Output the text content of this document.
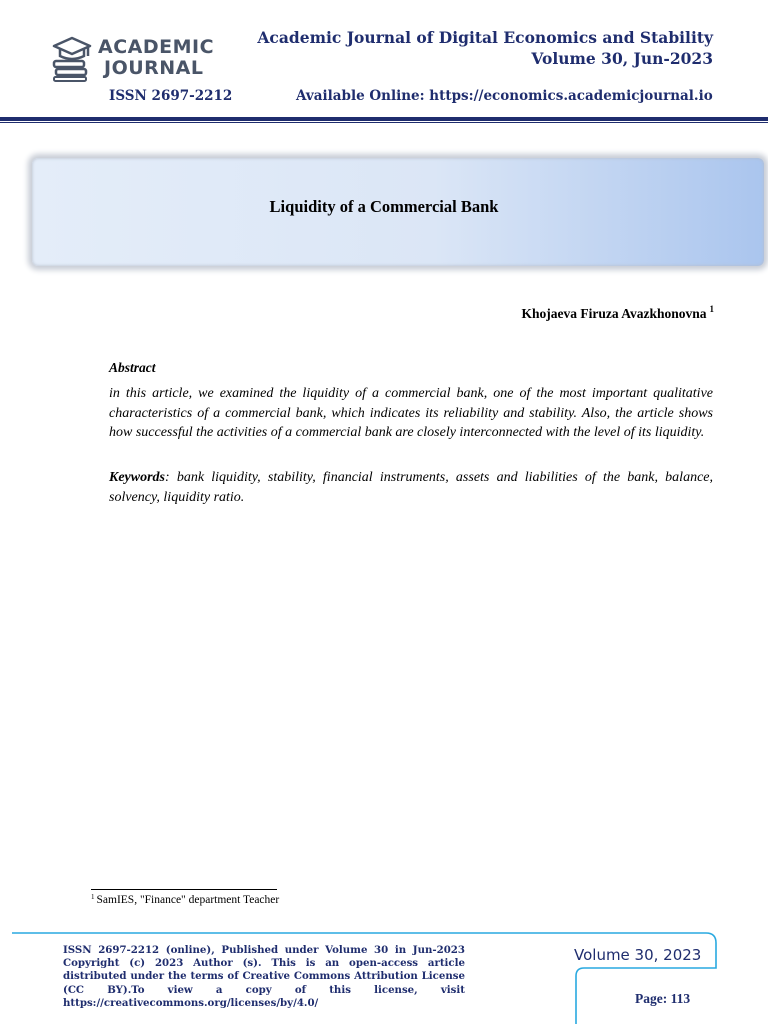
ACADEMIC
JOURNAL
Academic Journal of Digital Economics and Stability
Volume 30, Jun-2023
ISSN 2697-2212	Available Online: https://economics.academicjournal.io
Liquidity of a Commercial Bank
Khojaeva Firuza Avazkhonovna $^1$
Abstract
in this article, we examined the liquidity of a commercial bank, one of the most important qualitative characteristics of a commercial bank, which indicates its reliability and stability. Also, the article shows how successful the activities of a commercial bank are closely interconnected with the level of its liquidity.
Keywords: bank liquidity, stability, financial instruments, assets and liabilities of the bank, balance, solvency, liquidity ratio.
$^1$ SamIES, "Finance" department Teacher
ISSN 2697-2212 (online), Published under Volume 30 in Jun-2023 Copyright (c) 2023 Author (s). This is an open-access article distributed under the terms of Creative Commons Attribution License (CC BY).To view a copy of this license, visit https://creativecommons.org/licenses/by/4.0/
Volume 30, 2023
Page: 113
